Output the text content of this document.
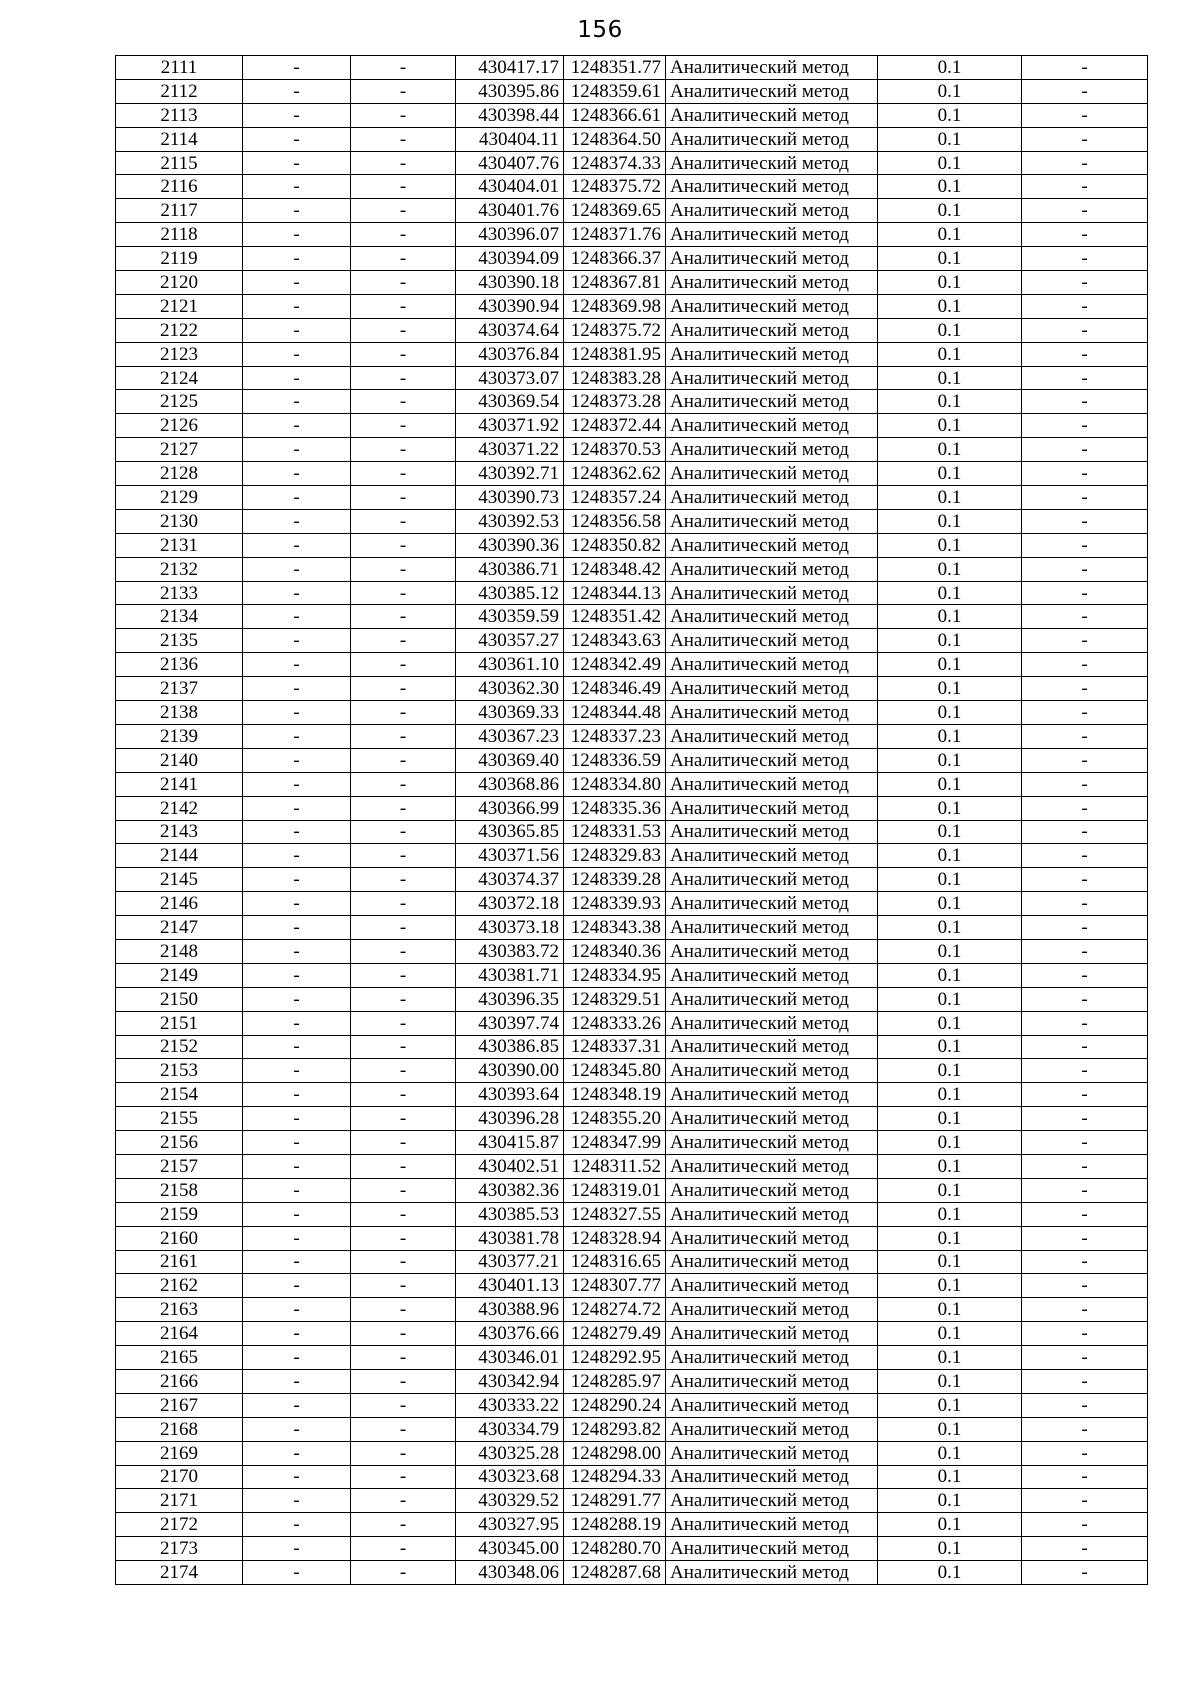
156
2111	-	-	430417.17	1248351.77	Аналитический метод	0.1	-
2112	-	-	430395.86	1248359.61	Аналитический метод	0.1	-
2113	-	-	430398.44	1248366.61	Аналитический метод	0.1	-
2114	-	-	430404.11	1248364.50	Аналитический метод	0.1	-
2115	-	-	430407.76	1248374.33	Аналитический метод	0.1	-
2116	-	-	430404.01	1248375.72	Аналитический метод	0.1	-
2117	-	-	430401.76	1248369.65	Аналитический метод	0.1	-
2118	-	-	430396.07	1248371.76	Аналитический метод	0.1	-
2119	-	-	430394.09	1248366.37	Аналитический метод	0.1	-
2120	-	-	430390.18	1248367.81	Аналитический метод	0.1	-
2121	-	-	430390.94	1248369.98	Аналитический метод	0.1	-
2122	-	-	430374.64	1248375.72	Аналитический метод	0.1	-
2123	-	-	430376.84	1248381.95	Аналитический метод	0.1	-
2124	-	-	430373.07	1248383.28	Аналитический метод	0.1	-
2125	-	-	430369.54	1248373.28	Аналитический метод	0.1	-
2126	-	-	430371.92	1248372.44	Аналитический метод	0.1	-
2127	-	-	430371.22	1248370.53	Аналитический метод	0.1	-
2128	-	-	430392.71	1248362.62	Аналитический метод	0.1	-
2129	-	-	430390.73	1248357.24	Аналитический метод	0.1	-
2130	-	-	430392.53	1248356.58	Аналитический метод	0.1	-
2131	-	-	430390.36	1248350.82	Аналитический метод	0.1	-
2132	-	-	430386.71	1248348.42	Аналитический метод	0.1	-
2133	-	-	430385.12	1248344.13	Аналитический метод	0.1	-
2134	-	-	430359.59	1248351.42	Аналитический метод	0.1	-
2135	-	-	430357.27	1248343.63	Аналитический метод	0.1	-
2136	-	-	430361.10	1248342.49	Аналитический метод	0.1	-
2137	-	-	430362.30	1248346.49	Аналитический метод	0.1	-
2138	-	-	430369.33	1248344.48	Аналитический метод	0.1	-
2139	-	-	430367.23	1248337.23	Аналитический метод	0.1	-
2140	-	-	430369.40	1248336.59	Аналитический метод	0.1	-
2141	-	-	430368.86	1248334.80	Аналитический метод	0.1	-
2142	-	-	430366.99	1248335.36	Аналитический метод	0.1	-
2143	-	-	430365.85	1248331.53	Аналитический метод	0.1	-
2144	-	-	430371.56	1248329.83	Аналитический метод	0.1	-
2145	-	-	430374.37	1248339.28	Аналитический метод	0.1	-
2146	-	-	430372.18	1248339.93	Аналитический метод	0.1	-
2147	-	-	430373.18	1248343.38	Аналитический метод	0.1	-
2148	-	-	430383.72	1248340.36	Аналитический метод	0.1	-
2149	-	-	430381.71	1248334.95	Аналитический метод	0.1	-
2150	-	-	430396.35	1248329.51	Аналитический метод	0.1	-
2151	-	-	430397.74	1248333.26	Аналитический метод	0.1	-
2152	-	-	430386.85	1248337.31	Аналитический метод	0.1	-
2153	-	-	430390.00	1248345.80	Аналитический метод	0.1	-
2154	-	-	430393.64	1248348.19	Аналитический метод	0.1	-
2155	-	-	430396.28	1248355.20	Аналитический метод	0.1	-
2156	-	-	430415.87	1248347.99	Аналитический метод	0.1	-
2157	-	-	430402.51	1248311.52	Аналитический метод	0.1	-
2158	-	-	430382.36	1248319.01	Аналитический метод	0.1	-
2159	-	-	430385.53	1248327.55	Аналитический метод	0.1	-
2160	-	-	430381.78	1248328.94	Аналитический метод	0.1	-
2161	-	-	430377.21	1248316.65	Аналитический метод	0.1	-
2162	-	-	430401.13	1248307.77	Аналитический метод	0.1	-
2163	-	-	430388.96	1248274.72	Аналитический метод	0.1	-
2164	-	-	430376.66	1248279.49	Аналитический метод	0.1	-
2165	-	-	430346.01	1248292.95	Аналитический метод	0.1	-
2166	-	-	430342.94	1248285.97	Аналитический метод	0.1	-
2167	-	-	430333.22	1248290.24	Аналитический метод	0.1	-
2168	-	-	430334.79	1248293.82	Аналитический метод	0.1	-
2169	-	-	430325.28	1248298.00	Аналитический метод	0.1	-
2170	-	-	430323.68	1248294.33	Аналитический метод	0.1	-
2171	-	-	430329.52	1248291.77	Аналитический метод	0.1	-
2172	-	-	430327.95	1248288.19	Аналитический метод	0.1	-
2173	-	-	430345.00	1248280.70	Аналитический метод	0.1	-
2174	-	-	430348.06	1248287.68	Аналитический метод	0.1	-
